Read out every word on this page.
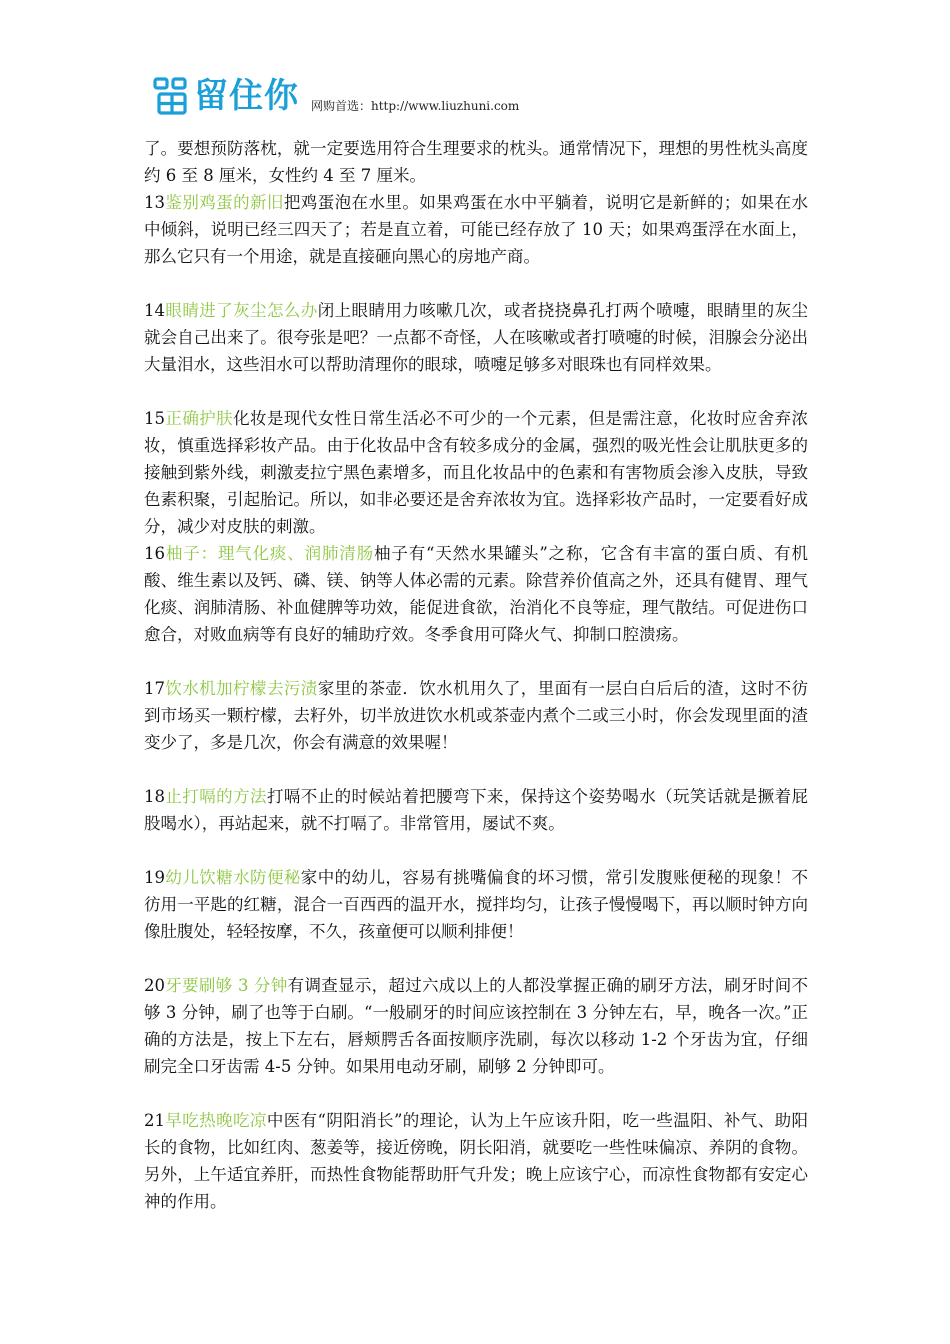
留住你 网购首选：http://www.liuzhuni.com

了。要想预防落枕，就一定要选用符合生理要求的枕头。通常情况下，理想的男性枕头高度约 6 至 8 厘米，女性约 4 至 7 厘米。

13鉴别鸡蛋的新旧把鸡蛋泡在水里。如果鸡蛋在水中平躺着，说明它是新鲜的；如果在水中倾斜，说明已经三四天了；若是直立着，可能已经存放了 10 天；如果鸡蛋浮在水面上，那么它只有一个用途，就是直接砸向黑心的房地产商。

14眼睛进了灰尘怎么办闭上眼睛用力咳嗽几次，或者挠挠鼻孔打两个喷嚏，眼睛里的灰尘就会自己出来了。很夸张是吧？一点都不奇怪，人在咳嗽或者打喷嚏的时候，泪腺会分泌出大量泪水，这些泪水可以帮助清理你的眼球，喷嚏足够多对眼珠也有同样效果。

15正确护肤化妆是现代女性日常生活必不可少的一个元素，但是需注意，化妆时应舍弃浓妆，慎重选择彩妆产品。由于化妆品中含有较多成分的金属，强烈的吸光性会让肌肤更多的接触到紫外线，刺激麦拉宁黑色素增多，而且化妆品中的色素和有害物质会渗入皮肤，导致色素积聚，引起胎记。所以，如非必要还是舍弃浓妆为宜。选择彩妆产品时，一定要看好成分，减少对皮肤的刺激。

16柚子：理气化痰、润肺清肠柚子有“天然水果罐头”之称，它含有丰富的蛋白质、有机酸、维生素以及钙、磷、镁、钠等人体必需的元素。除营养价值高之外，还具有健胃、理气化痰、润肺清肠、补血健脾等功效，能促进食欲，治消化不良等症，理气散结。可促进伤口愈合，对败血病等有良好的辅助疗效。冬季食用可降火气、抑制口腔溃疡。

17饮水机加柠檬去污渍家里的茶壶．饮水机用久了，里面有一层白白后后的渣，这时不彷到市场买一颗柠檬，去籽外，切半放进饮水机或茶壶内煮个二或三小时，你会发现里面的渣变少了，多是几次，你会有满意的效果喔！

18止打嗝的方法打嗝不止的时候站着把腰弯下来，保持这个姿势喝水（玩笑话就是撅着屁股喝水），再站起来，就不打嗝了。非常管用，屡试不爽。

19幼儿饮糖水防便秘家中的幼儿，容易有挑嘴偏食的坏习惯，常引发腹账便秘的现象！不彷用一平匙的红糖，混合一百西西的温开水，搅拌均匀，让孩子慢慢喝下，再以顺时钟方向像肚腹处，轻轻按摩，不久，孩童便可以顺利排便！

20牙要刷够 3 分钟有调查显示，超过六成以上的人都没掌握正确的刷牙方法，刷牙时间不够 3 分钟，刷了也等于白刷。“一般刷牙的时间应该控制在 3 分钟左右，早，晚各一次。”正确的方法是，按上下左右，唇颊腭舌各面按顺序洗刷，每次以移动 1-2 个牙齿为宜，仔细刷完全口牙齿需 4-5 分钟。如果用电动牙刷，刷够 2 分钟即可。

21早吃热晚吃凉中医有“阴阳消长”的理论，认为上午应该升阳，吃一些温阳、补气、助阳长的食物，比如红肉、葱姜等，接近傍晚，阴长阳消，就要吃一些性味偏凉、养阴的食物。另外，上午适宜养肝，而热性食物能帮助肝气升发；晚上应该宁心，而凉性食物都有安定心神的作用。
